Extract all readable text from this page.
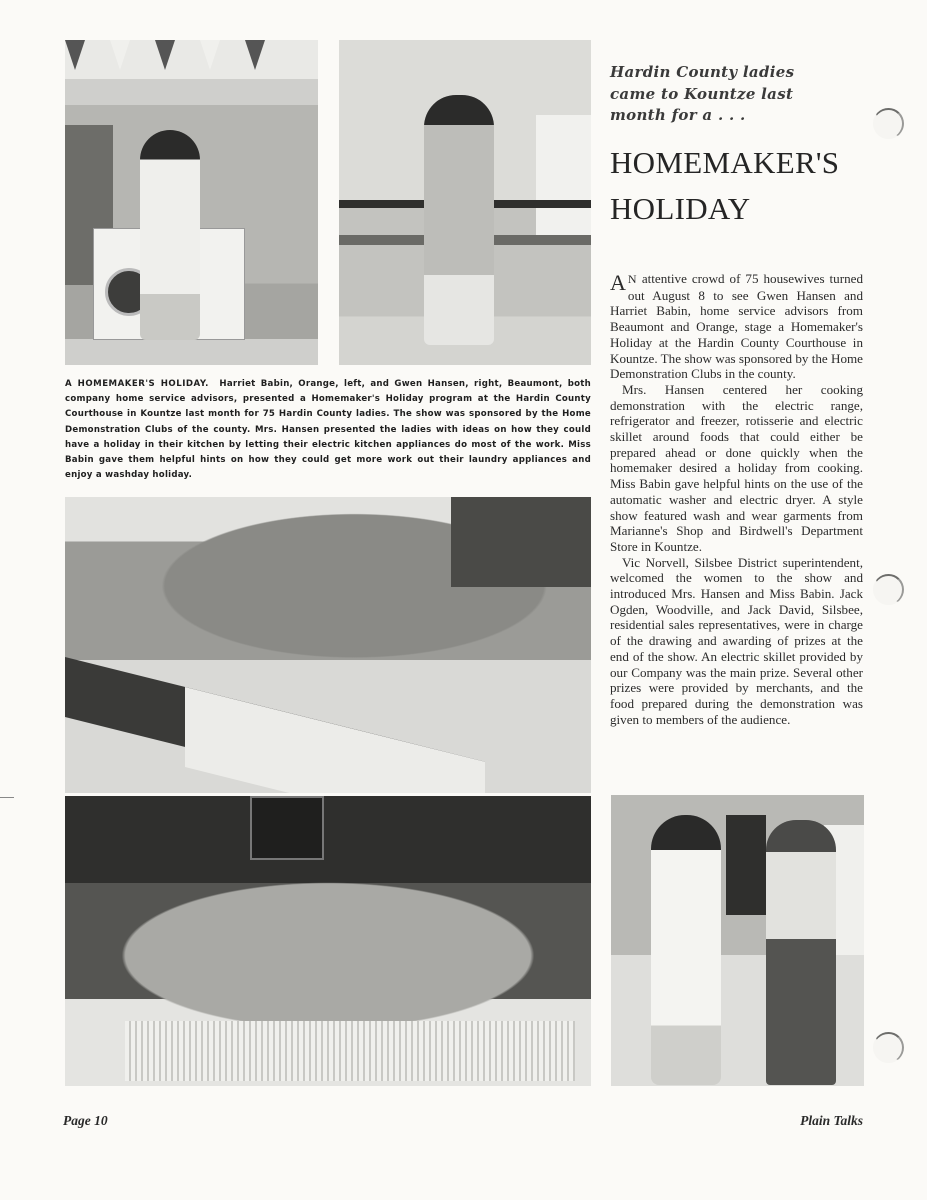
A HOMEMAKER'S HOLIDAY. Harriet Babin, Orange, left, and Gwen Hansen, right, Beaumont, both company home service advisors, presented a Homemaker's Holiday program at the Hardin County Courthouse in Kountze last month for 75 Hardin County ladies. The show was sponsored by the Home Demonstration Clubs of the county. Mrs. Hansen presented the ladies with ideas on how they could have a holiday in their kitchen by letting their electric kitchen appliances do most of the work. Miss Babin gave them helpful hints on how they could get more work out their laundry appliances and enjoy a washday holiday.
Hardin County ladies came to Kountze last month for a . . .
HOMEMAKER'S
HOLIDAY

A N attentive crowd of 75 housewives turned out August 8 to see Gwen Hansen and Harriet Babin, home service advisors from Beaumont and Orange, stage a Homemaker's Holiday at the Hardin County Courthouse in Kountze. The show was sponsored by the Home Demonstration Clubs in the county.

Mrs. Hansen centered her cooking demonstration with the electric range, refrigerator and freezer, rotisserie and electric skillet around foods that could either be prepared ahead or done quickly when the homemaker desired a holiday from cooking. Miss Babin gave helpful hints on the use of the automatic washer and electric dryer. A style show featured wash and wear garments from Marianne's Shop and Birdwell's Department Store in Kountze.

Vic Norvell, Silsbee District superintendent, welcomed the women to the show and introduced Mrs. Hansen and Miss Babin. Jack Ogden, Woodville, and Jack David, Silsbee, residential sales representatives, were in charge of the drawing and awarding of prizes at the end of the show. An electric skillet provided by our Company was the main prize. Several other prizes were provided by merchants, and the food prepared during the demonstration was given to members of the audience.

Page 10	Plain Talks
